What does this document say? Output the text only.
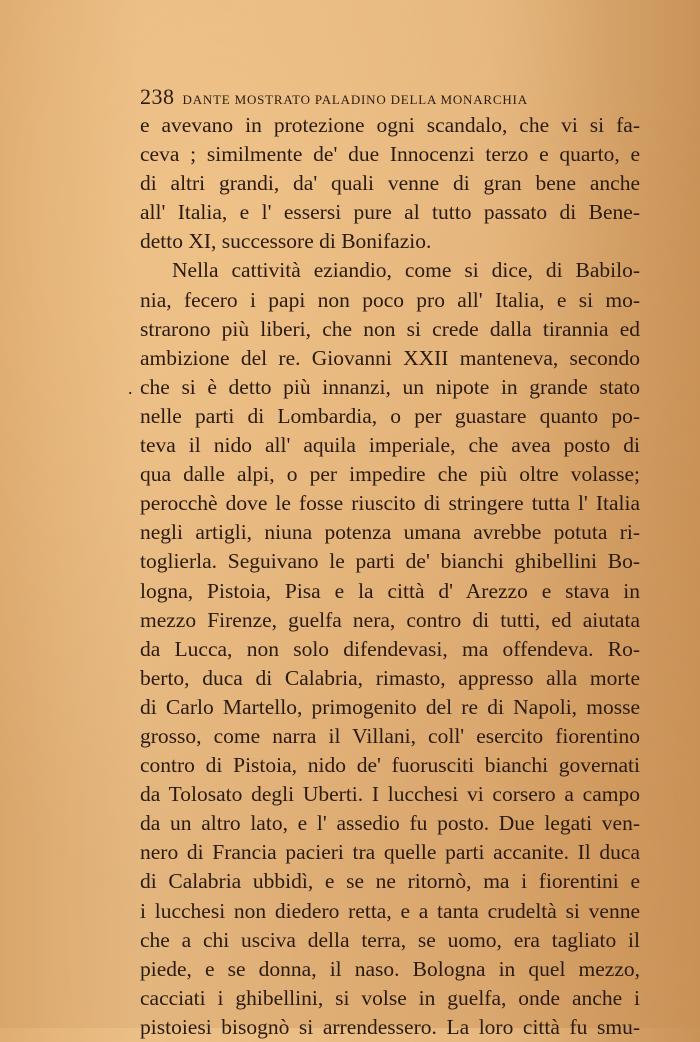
238 DANTE MOSTRATO PALADINO DELLA MONARCHIA
.
e avevano in protezione ogni scandalo, che vi si fa-
ceva ; similmente de' due Innocenzi terzo e quarto, e
di altri grandi, da' quali venne di gran bene anche
all' Italia, e l' essersi pure al tutto passato di Bene-
detto XI, successore di Bonifazio.
Nella cattività eziandio, come si dice, di Babilo-
nia, fecero i papi non poco pro all' Italia, e si mo-
strarono più liberi, che non si crede dalla tirannia ed
ambizione del re. Giovanni XXII manteneva, secondo
che si è detto più innanzi, un nipote in grande stato
nelle parti di Lombardia, o per guastare quanto po-
teva il nido all' aquila imperiale, che avea posto di
qua dalle alpi, o per impedire che più oltre volasse;
perocchè dove le fosse riuscito di stringere tutta l' Italia
negli artigli, niuna potenza umana avrebbe potuta ri-
toglierla. Seguivano le parti de' bianchi ghibellini Bo-
logna, Pistoia, Pisa e la città d' Arezzo e stava in
mezzo Firenze, guelfa nera, contro di tutti, ed aiutata
da Lucca, non solo difendevasi, ma offendeva. Ro-
berto, duca di Calabria, rimasto, appresso alla morte
di Carlo Martello, primogenito del re di Napoli, mosse
grosso, come narra il Villani, coll' esercito fiorentino
contro di Pistoia, nido de' fuorusciti bianchi governati
da Tolosato degli Uberti. I lucchesi vi corsero a campo
da un altro lato, e l' assedio fu posto. Due legati ven-
nero di Francia pacieri tra quelle parti accanite. Il duca
di Calabria ubbidì, e se ne ritornò, ma i fiorentini e
i lucchesi non diedero retta, e a tanta crudeltà si venne
che a chi usciva della terra, se uomo, era tagliato il
piede, e se donna, il naso. Bologna in quel mezzo,
cacciati i ghibellini, si volse in guelfa, onde anche i
pistoiesi bisognò si arrendessero. La loro città fu smu-
